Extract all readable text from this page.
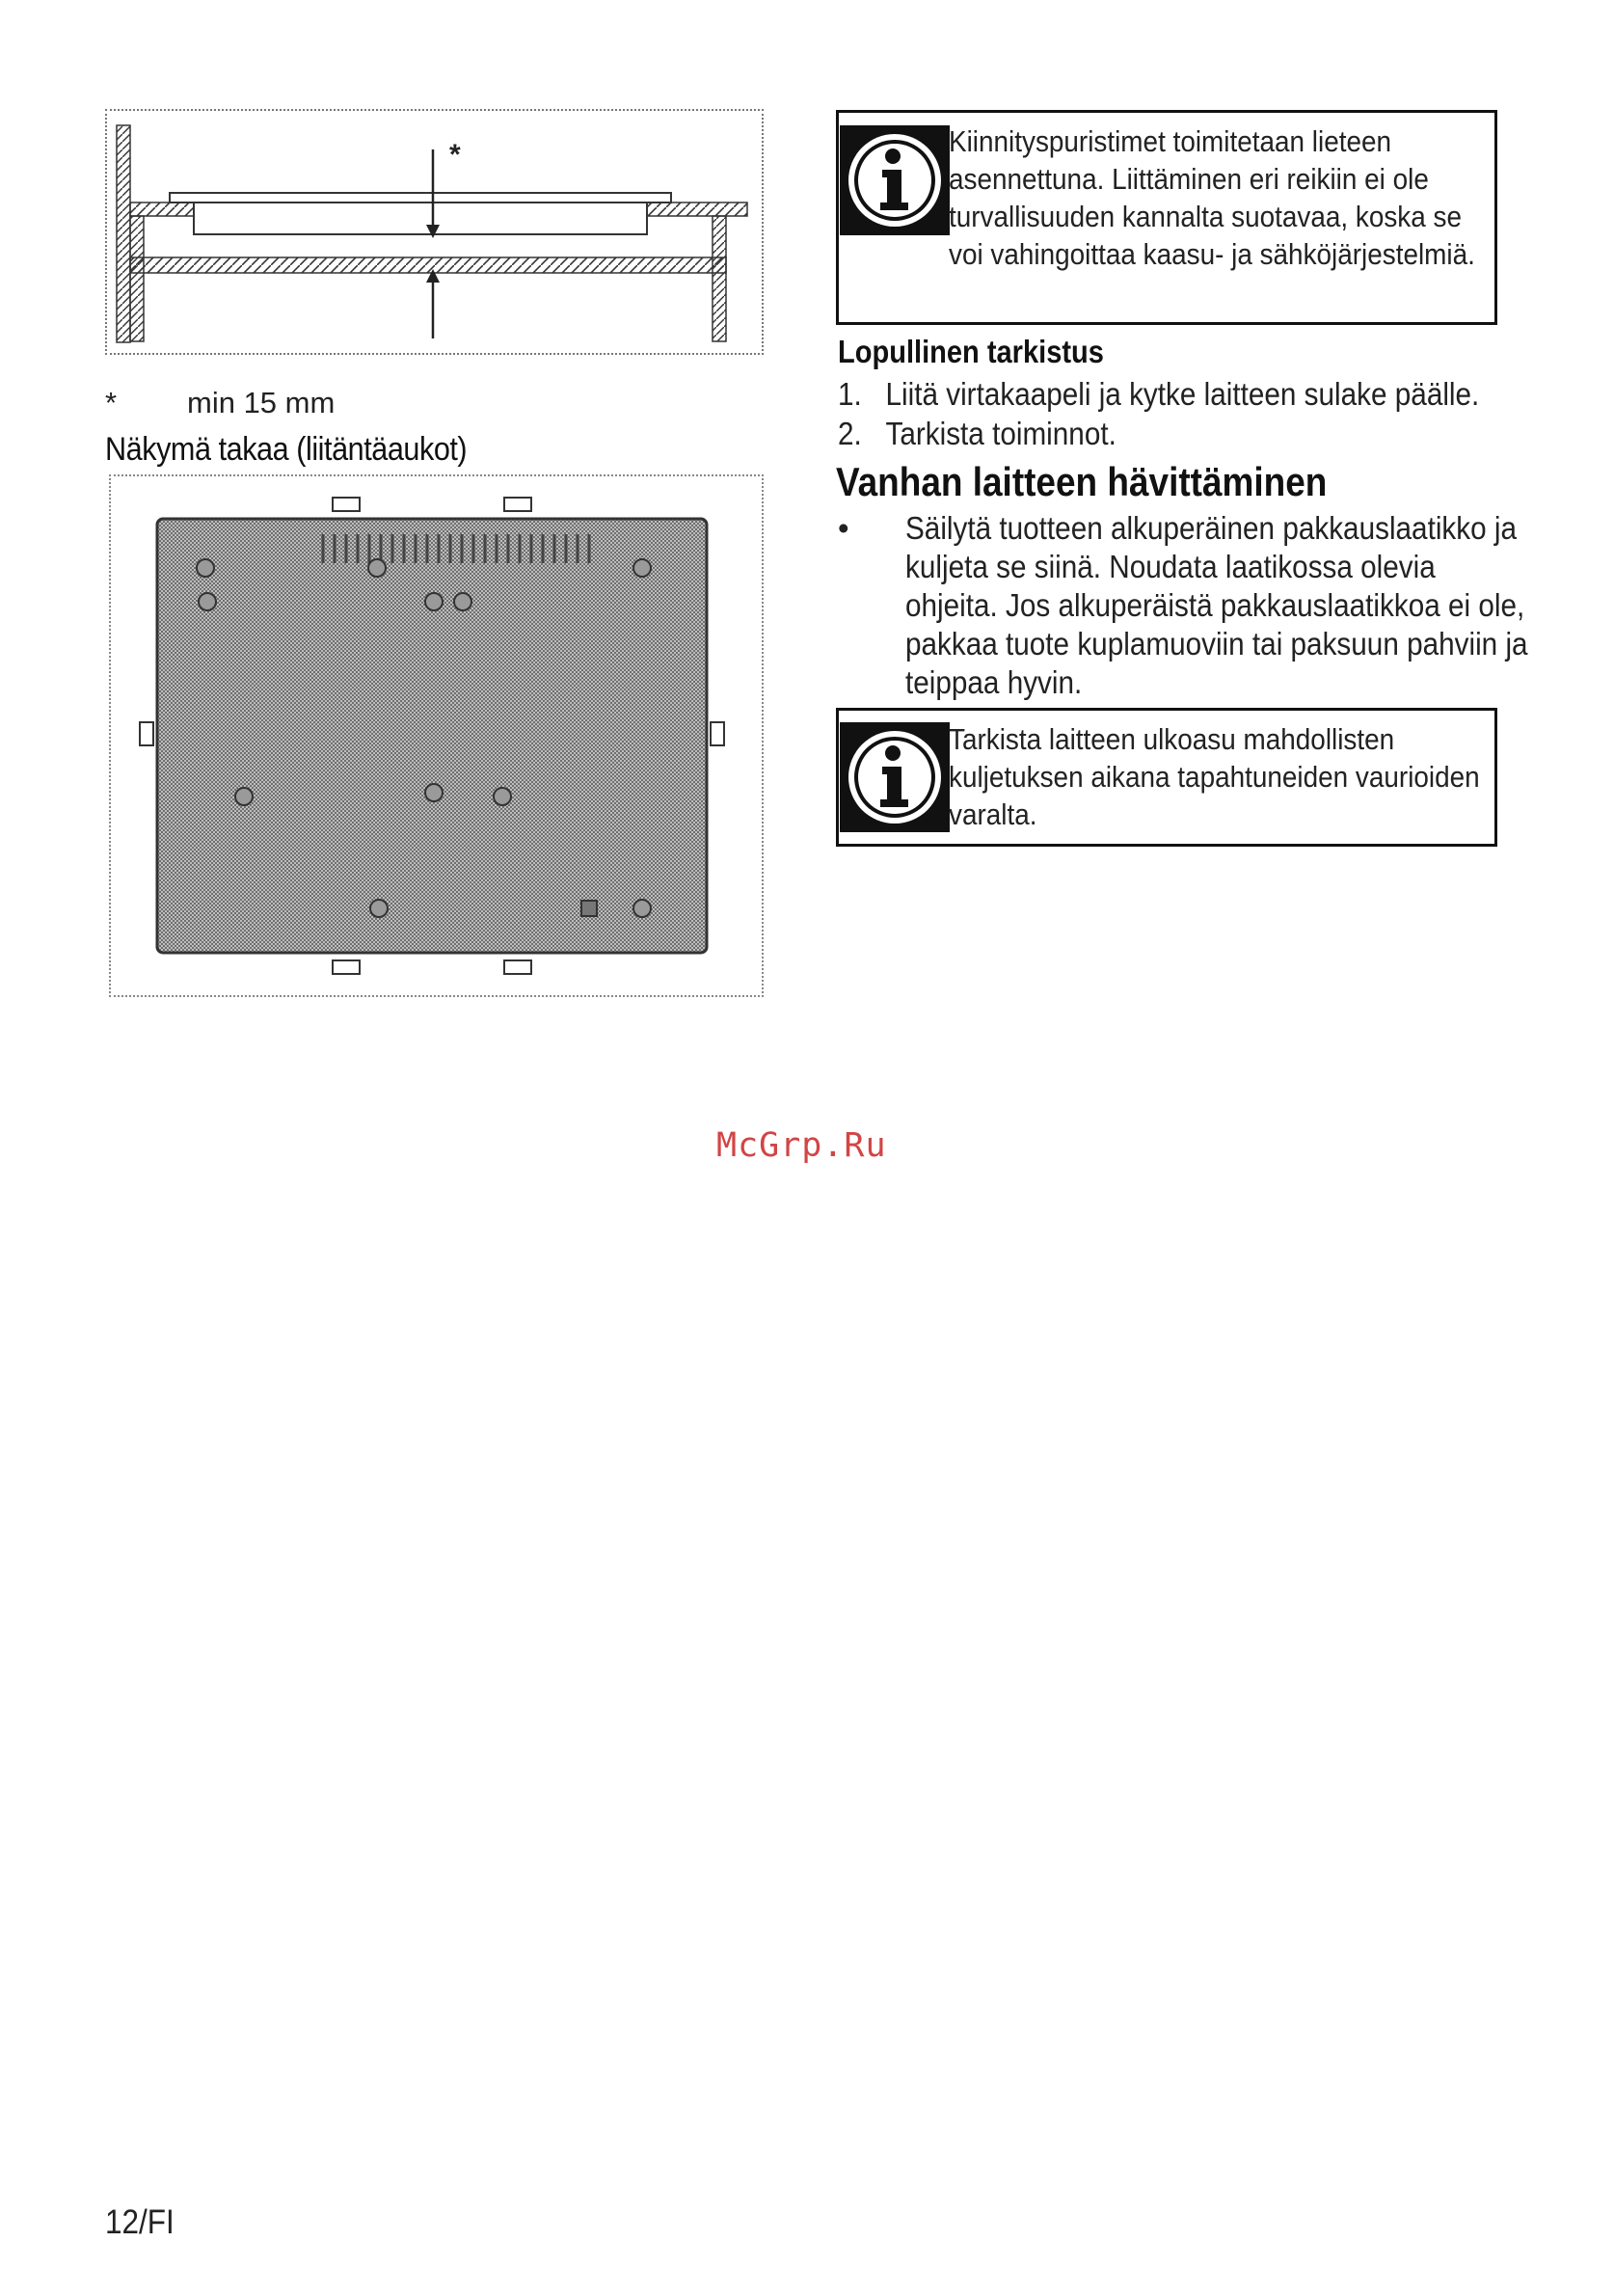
*
* min 15 mm
Näkymä takaa (liitäntäaukot)
Kiinnityspuristimet toimitetaan lieteen asennettuna. Liittäminen eri reikiin ei ole turvallisuuden kannalta suotavaa, koska se voi vahingoittaa kaasu- ja sähköjärjestelmiä.
Lopullinen tarkistus
1. Liitä virtakaapeli ja kytke laitteen sulake päälle.
2. Tarkista toiminnot.
Vanhan laitteen hävittäminen
•	Säilytä tuotteen alkuperäinen pakkauslaatikko ja kuljeta se siinä. Noudata laatikossa olevia ohjeita. Jos alkuperäistä pakkauslaatikkoa ei ole, pakkaa tuote kuplamuoviin tai paksuun pahviin ja teippaa hyvin.
Tarkista laitteen ulkoasu mahdollisten kuljetuksen aikana tapahtuneiden vaurioiden varalta.
McGrp.Ru
12/FI
